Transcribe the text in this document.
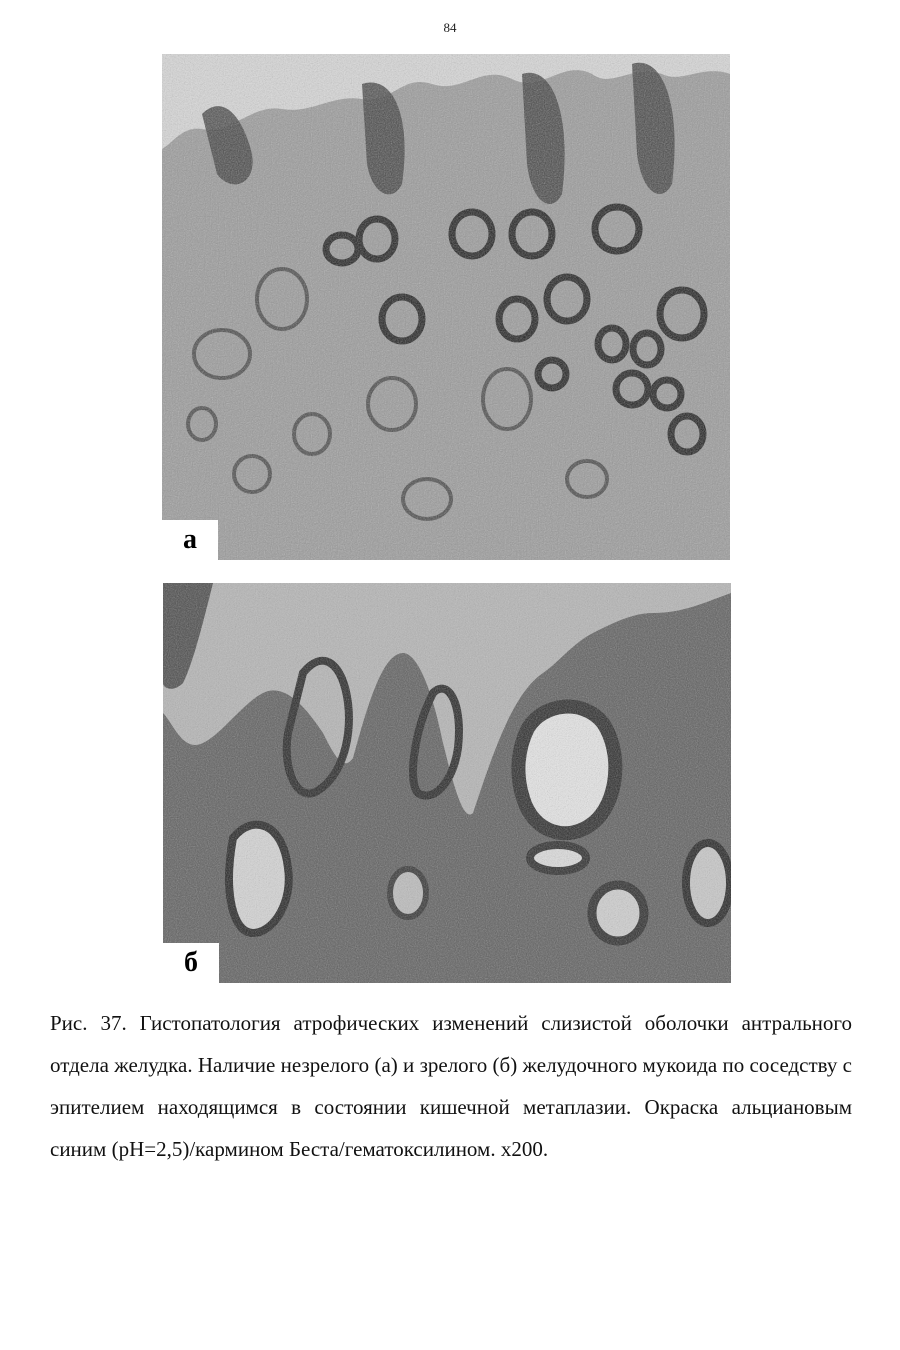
84
а
б

Рис. 37. Гистопатология атрофических изменений слизистой оболочки антрального отдела желудка. Наличие незрелого (а) и зрелого (б) желудочного мукоида по соседству с эпителием находящимся в состоянии кишечной метаплазии. Окраска альциановым синим (pH=2,5)/кармином Беста/гематоксилином. x200.
